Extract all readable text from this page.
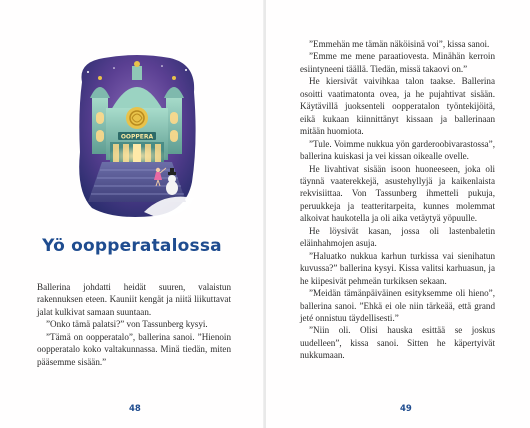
OOPPERA
Yö oopperatalossa

Ballerina johdatti heidät suuren, valaistun rakennuksen eteen. Kauniit kengät ja niitä liikuttavat jalat kulkivat samaan suuntaan.

”Onko tämä palatsi?” von Tassunberg kysyi.

”Tämä on oopperatalo”, ballerina sanoi. ”Hienoin oopperatalo koko valtakunnassa. Minä tiedän, miten pääsemme sisään.”

48

”Emmehän me tämän näköisinä voi”, kissa sanoi.

”Emme me mene paraatiovesta. Minähän kerroin esiintyneeni täällä. Tiedän, missä takaovi on.”

He kiersivät vaivihkaa talon taakse. Ballerina osoitti vaatimatonta ovea, ja he pujahtivat sisään. Käytävillä juoksenteli oopperatalon työntekijöitä, eikä kukaan kiinnittänyt kissaan ja ballerinaan mitään huomiota.

”Tule. Voimme nukkua yön garderoobivarastossa”, ballerina kuiskasi ja vei kissan oikealle ovelle.

He livahtivat sisään isoon huoneeseen, joka oli täynnä vaaterekkejä, asustehyllyjä ja kaikenlaista rekvisiittaa. Von Tassunberg ihmetteli pukuja, peruukkeja ja teatteritarpeita, kunnes molemmat alkoivat haukotella ja oli aika vetäytyä yöpuulle.

He löysivät kasan, jossa oli lastenbaletin eläinhahmojen asuja.

”Haluatko nukkua karhun turkissa vai sienihatun kuvussa?” ballerina kysyi. Kissa valitsi karhuasun, ja he kiipesivät pehmeän turkiksen sekaan.

”Meidän tämänpäiväinen esityksemme oli hieno”, ballerina sanoi. ”Ehkä ei ole niin tärkeää, että grand jeté onnistuu täydellisesti.”

”Niin oli. Olisi hauska esittää se joskus uudelleen”, kissa sanoi. Sitten he käpertyivät nukkumaan.

49
